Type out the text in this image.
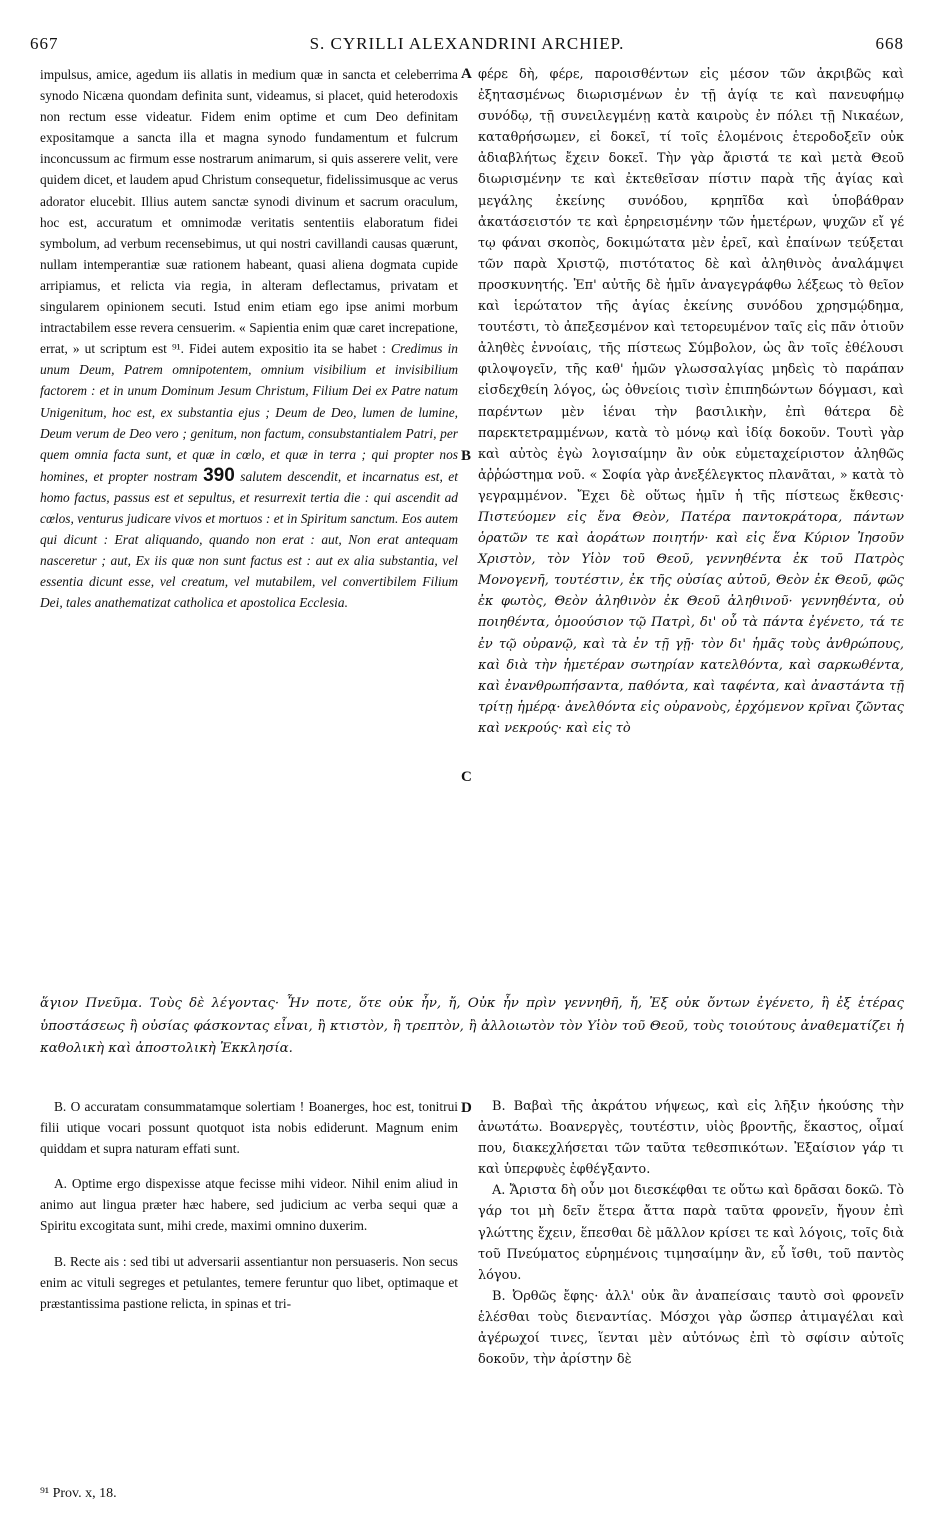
667	S. CYRILLI ALEXANDRINI ARCHIEP.	668
A
B
C
D

impulsus, amice, agedum iis allatis in medium quæ in sancta et celeberrima synodo Nicæna quondam definita sunt, videamus, si placet, quid heterodoxis non rectum esse videatur. Fidem enim optime et cum Deo definitam expositamque a sancta illa et magna synodo fundamentum et fulcrum inconcussum ac firmum esse nostrarum animarum, si quis asserere velit, vere quidem dicet, et laudem apud Christum consequetur, fidelissimusque ac verus adorator elucebit. Illius autem sanctæ synodi divinum et sacrum oraculum, hoc est, accuratum et omnimodæ veritatis sententiis elaboratum fidei symbolum, ad verbum recensebimus, ut qui nostri cavillandi causas quærunt, nullam intemperantiæ suæ rationem habeant, quasi aliena dogmata cupide arripiamus, et relicta via regia, in alteram deflectamus, privatam et singularem opinionem secuti. Istud enim etiam ego ipse animi morbum intractabilem esse revera censuerim. « Sapientia enim quæ caret increpatione, errat, » ut scriptum est ⁹¹. Fidei autem expositio ita se habet : Credimus in unum Deum, Patrem omnipotentem, omnium visibilium et invisibilium factorem : et in unum Dominum Jesum Christum, Filium Dei ex Patre natum Unigenitum, hoc est, ex substantia ejus ; Deum de Deo, lumen de lumine, Deum verum de Deo vero ; genitum, non factum, consubstantialem Patri, per quem omnia facta sunt, et quæ in cœlo, et quæ in terra ; qui propter nos homines, et propter nostram 390 salutem descendit, et incarnatus est, et homo factus, passus est et sepultus, et resurrexit tertia die : qui ascendit ad cœlos, venturus judicare vivos et mortuos : et in Spiritum sanctum. Eos autem qui dicunt : Erat aliquando, quando non erat : aut, Non erat antequam nasceretur ; aut, Ex iis quæ non sunt factus est : aut ex alia substantia, vel essentia dicunt esse, vel creatum, vel mutabilem, vel convertibilem Filium Dei, tales anathematizat catholica et apostolica Ecclesia.

φέρε δὴ, φέρε, παροισθέντων εἰς μέσον τῶν ἀκριβῶς καὶ ἐξητασμένως διωρισμένων ἐν τῇ ἁγίᾳ τε καὶ πανευφήμῳ συνόδῳ, τῇ συνειλεγμένῃ κατὰ καιροὺς ἐν πόλει τῇ Νικαέων, καταθρήσωμεν, εἰ δοκεῖ, τί τοῖς ἑλομένοις ἑτεροδοξεῖν οὐκ ἀδιαβλήτως ἔχειν δοκεῖ. Τὴν γὰρ ἄριστά τε καὶ μετὰ Θεοῦ διωρισμένην τε καὶ ἐκτεθεῖσαν πίστιν παρὰ τῆς ἁγίας καὶ μεγάλης ἐκείνης συνόδου, κρηπῖδα καὶ ὑποβάθραν ἀκατάσειστόν τε καὶ ἐρηρεισμένην τῶν ἡμετέρων, ψυχῶν εἴ γέ τῳ φάναι σκοπὸς, δοκιμώτατα μὲν ἐρεῖ, καὶ ἐπαίνων τεύξεται τῶν παρὰ Χριστῷ, πιστότατος δὲ καὶ ἀληθινὸς ἀναλάμψει προσκυνητής. Ἐπ' αὐτῆς δὲ ἡμῖν ἀναγεγράφθω λέξεως τὸ θεῖον καὶ ἱερώτατον τῆς ἁγίας ἐκείνης συνόδου χρησμῴδημα, τουτέστι, τὸ ἀπεξεσμένον καὶ τετορευμένον ταῖς εἰς πᾶν ὁτιοῦν ἀληθὲς ἐννοίαις, τῆς πίστεως Σύμβολον, ὡς ἂν τοῖς ἐθέλουσι φιλοψογεῖν, τῆς καθ' ἡμῶν γλωσσαλγίας μηδεὶς τὸ παράπαν εἰσδεχθείη λόγος, ὡς ὀθνείοις τισὶν ἐπιπηδώντων δόγμασι, καὶ παρέντων μὲν ἰέναι τὴν βασιλικὴν, ἐπὶ θάτερα δὲ παρεκτετραμμένων, κατὰ τὸ μόνῳ καὶ ἰδίᾳ δοκοῦν. Τουτὶ γὰρ καὶ αὐτὸς ἐγὼ λογισαίμην ἂν οὐκ εὐμεταχείριστον ἀληθῶς ἀῤῥώστημα νοῦ. « Σοφία γὰρ ἀνεξέλεγκτος πλανᾶται, » κατὰ τὸ γεγραμμένον. Ἔχει δὲ οὕτως ἡμῖν ἡ τῆς πίστεως ἔκθεσις· Πιστεύομεν εἰς ἕνα Θεὸν, Πατέρα παντοκράτορα, πάντων ὁρατῶν τε καὶ ἀοράτων ποιητήν· καὶ εἰς ἕνα Κύριον Ἰησοῦν Χριστὸν, τὸν Υἱὸν τοῦ Θεοῦ, γεννηθέντα ἐκ τοῦ Πατρὸς Μονογενῆ, τουτέστιν, ἐκ τῆς οὐσίας αὐτοῦ, Θεὸν ἐκ Θεοῦ, φῶς ἐκ φωτὸς, Θεὸν ἀληθινὸν ἐκ Θεοῦ ἀληθινοῦ· γεννηθέντα, οὐ ποιηθέντα, ὁμοούσιον τῷ Πατρὶ, δι' οὗ τὰ πάντα ἐγένετο, τά τε ἐν τῷ οὐρανῷ, καὶ τὰ ἐν τῇ γῇ· τὸν δι' ἡμᾶς τοὺς ἀνθρώπους, καὶ διὰ τὴν ἡμετέραν σωτηρίαν κατελθόντα, καὶ σαρκωθέντα, καὶ ἐνανθρωπήσαντα, παθόντα, καὶ ταφέντα, καὶ ἀναστάντα τῇ τρίτῃ ἡμέρᾳ· ἀνελθόντα εἰς οὐρανοὺς, ἐρχόμενον κρῖναι ζῶντας καὶ νεκρούς· καὶ εἰς τὸ

ἅγιον Πνεῦμα. Τοὺς δὲ λέγοντας· Ἦν ποτε, ὅτε οὐκ ἦν, ἤ, Οὐκ ἦν πρὶν γεννηθῆ, ἤ, Ἐξ οὐκ ὄντων ἐγένετο, ἢ ἐξ ἑτέρας ὑποστάσεως ἢ οὐσίας φάσκοντας εἶναι, ἢ κτιστὸν, ἢ τρεπτὸν, ἢ ἀλλοιωτὸν τὸν Υἱὸν τοῦ Θεοῦ, τοὺς τοιούτους ἀναθεματίζει ἡ καθολικὴ καὶ ἀποστολικὴ Ἐκκλησία.

B. O accuratam consummatamque solertiam ! Boanerges, hoc est, tonitrui filii utique vocari possunt quotquot ista nobis ediderunt. Magnum enim quiddam et supra naturam effati sunt.

A. Optime ergo dispexisse atque fecisse mihi videor. Nihil enim aliud in animo aut lingua præter hæc habere, sed judicium ac verba sequi quæ a Spiritu excogitata sunt, mihi crede, maximi omnino duxerim.

B. Recte ais : sed tibi ut adversarii assentiantur non persuaseris. Non secus enim ac vituli segreges et petulantes, temere feruntur quo libet, optimaque et præstantissima pastione relicta, in spinas et tri-

B. Βαβαὶ τῆς ἀκράτου νήψεως, καὶ εἰς λῆξιν ἡκούσης τὴν ἀνωτάτω. Βοανεργὲς, τουτέστιν, υἱὸς βροντῆς, ἕκαστος, οἶμαί που, διακεχλήσεται τῶν ταῦτα τεθεσπικότων. Ἐξαίσιον γάρ τι καὶ ὑπερφυὲς ἐφθέγξαντο.

A. Ἄριστα δὴ οὖν μοι διεσκέφθαι τε οὕτω καὶ δρᾶσαι δοκῶ. Τὸ γάρ τοι μὴ δεῖν ἕτερα ἄττα παρὰ ταῦτα φρονεῖν, ἤγουν ἐπὶ γλώττης ἔχειν, ἕπεσθαι δὲ μᾶλλον κρίσει τε καὶ λόγοις, τοῖς διὰ τοῦ Πνεύματος εὑρημένοις τιμησαίμην ἂν, εὖ ἴσθι, τοῦ παντὸς λόγου.

B. Ὀρθῶς ἔφης· ἀλλ' οὐκ ἂν ἀναπείσαις ταυτὸ σοὶ φρονεῖν ἑλέσθαι τοὺς διεναντίας. Μόσχοι γὰρ ὥσπερ ἀτιμαγέλαι καὶ ἀγέρωχοί τινες, ἵενται μὲν αὐτόνως ἐπὶ τὸ σφίσιν αὐτοῖς δοκοῦν, τὴν ἀρίστην δὲ

⁹¹ Prov. x, 18.
